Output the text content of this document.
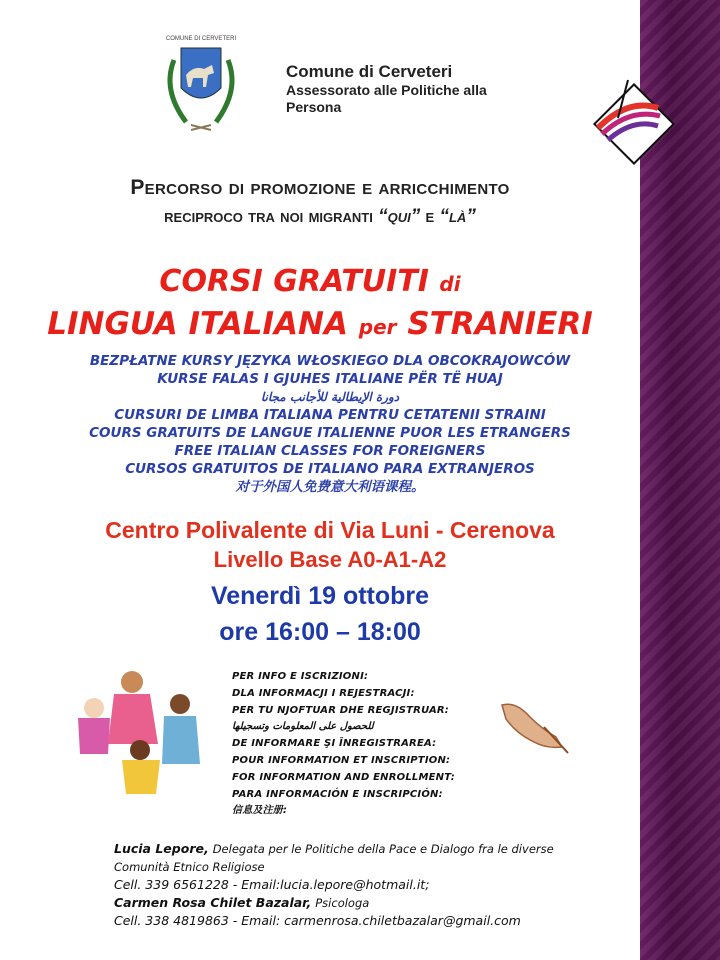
COMUNE DI CERVETERI
Comune di Cerveteri
Assessorato alle Politiche alla Persona
Percorso di promozione e arricchimento
reciproco tra noi migranti “qui” e “là”
CORSI GRATUITI di
LINGUA ITALIANA per STRANIERI
BEZPŁATNE KURSY JĘZYKA WŁOSKIEGO DLA OBCOKRAJOWCÓW
KURSE FALAS I GJUHES ITALIANE PËR TË HUAJ
دورة الإيطالية للأجانب مجانا
CURSURI DE LIMBA ITALIANA PENTRU CETATENII STRAINI
COURS GRATUITS DE LANGUE ITALIENNE PUOR LES ETRANGERS
FREE ITALIAN CLASSES FOR FOREIGNERS
CURSOS GRATUITOS DE ITALIANO PARA EXTRANJEROS
对于外国人免费意大利语课程。
Centro Polivalente di Via Luni - Cerenova
Livello Base A0-A1-A2
Venerdì 19 ottobre
ore 16:00 – 18:00
PER INFO E ISCRIZIONI:
DLA INFORMACJI I REJESTRACJI:
PER TU NJOFTUAR DHE REGJISTRUAR:
للحصول على المعلومات وتسجيلها
DE INFORMARE ŞI ÎNREGISTRAREA:
POUR INFORMATION ET INSCRIPTION:
FOR INFORMATION AND ENROLLMENT:
PARA INFORMACIÓN E INSCRIPCIÓN:
信息及注册:
Lucia Lepore, Delegata per le Politiche della Pace e Dialogo fra le diverse
Comunità Etnico Religiose
Cell. 339 6561228 - Email:lucia.lepore@hotmail.it;
Carmen Rosa Chilet Bazalar, Psicologa
Cell. 338 4819863 - Email: carmenrosa.chiletbazalar@gmail.com
